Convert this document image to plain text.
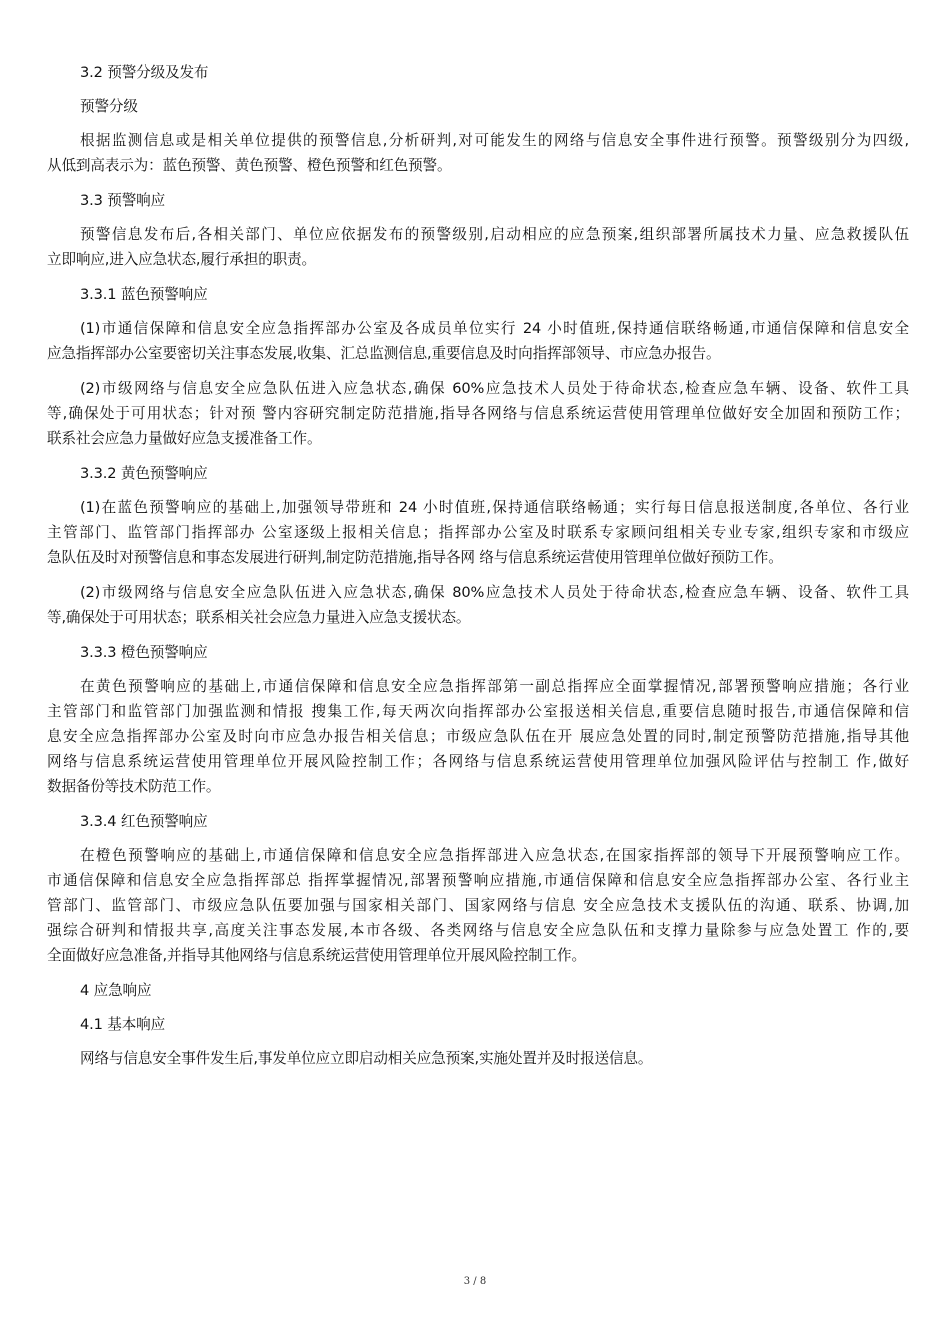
3.2 预警分级及发布
预警分级
根据监测信息或是相关单位提供的预警信息,分析研判,对可能发生的网络与信息安全事件进行预警。预警级别分为四级,
从低到高表示为：蓝色预警、黄色预警、橙色预警和红色预警。
3.3 预警响应
预警信息发布后,各相关部门、单位应依据发布的预警级别,启动相应的应急预案,组织部署所属技术力量、应急救援队伍
立即响应,进入应急状态,履行承担的职责。
3.3.1 蓝色预警响应
(1)市通信保障和信息安全应急指挥部办公室及各成员单位实行 24 小时值班,保持通信联络畅通,市通信保障和信息安全
应急指挥部办公室要密切关注事态发展,收集、汇总监测信息,重要信息及时向指挥部领导、市应急办报告。
(2)市级网络与信息安全应急队伍进入应急状态,确保 60%应急技术人员处于待命状态,检查应急车辆、设备、软件工具
等,确保处于可用状态；针对预 警内容研究制定防范措施,指导各网络与信息系统运营使用管理单位做好安全加固和预防工作；
联系社会应急力量做好应急支援准备工作。
3.3.2 黄色预警响应
(1)在蓝色预警响应的基础上,加强领导带班和 24 小时值班,保持通信联络畅通；实行每日信息报送制度,各单位、各行业
主管部门、监管部门指挥部办 公室逐级上报相关信息；指挥部办公室及时联系专家顾问组相关专业专家,组织专家和市级应
急队伍及时对预警信息和事态发展进行研判,制定防范措施,指导各网 络与信息系统运营使用管理单位做好预防工作。
(2)市级网络与信息安全应急队伍进入应急状态,确保 80%应急技术人员处于待命状态,检查应急车辆、设备、软件工具
等,确保处于可用状态；联系相关社会应急力量进入应急支援状态。
3.3.3 橙色预警响应
在黄色预警响应的基础上,市通信保障和信息安全应急指挥部第一副总指挥应全面掌握情况,部署预警响应措施；各行业
主管部门和监管部门加强监测和情报 搜集工作,每天两次向指挥部办公室报送相关信息,重要信息随时报告,市通信保障和信
息安全应急指挥部办公室及时向市应急办报告相关信息；市级应急队伍在开 展应急处置的同时,制定预警防范措施,指导其他
网络与信息系统运营使用管理单位开展风险控制工作；各网络与信息系统运营使用管理单位加强风险评估与控制工 作,做好
数据备份等技术防范工作。
3.3.4 红色预警响应
在橙色预警响应的基础上,市通信保障和信息安全应急指挥部进入应急状态,在国家指挥部的领导下开展预警响应工作。
市通信保障和信息安全应急指挥部总 指挥掌握情况,部署预警响应措施,市通信保障和信息安全应急指挥部办公室、各行业主
管部门、监管部门、市级应急队伍要加强与国家相关部门、国家网络与信息 安全应急技术支援队伍的沟通、联系、协调,加
强综合研判和情报共享,高度关注事态发展,本市各级、各类网络与信息安全应急队伍和支撑力量除参与应急处置工 作的,要
全面做好应急准备,并指导其他网络与信息系统运营使用管理单位开展风险控制工作。
4 应急响应
4.1 基本响应
网络与信息安全事件发生后,事发单位应立即启动相关应急预案,实施处置并及时报送信息。
3 / 8
